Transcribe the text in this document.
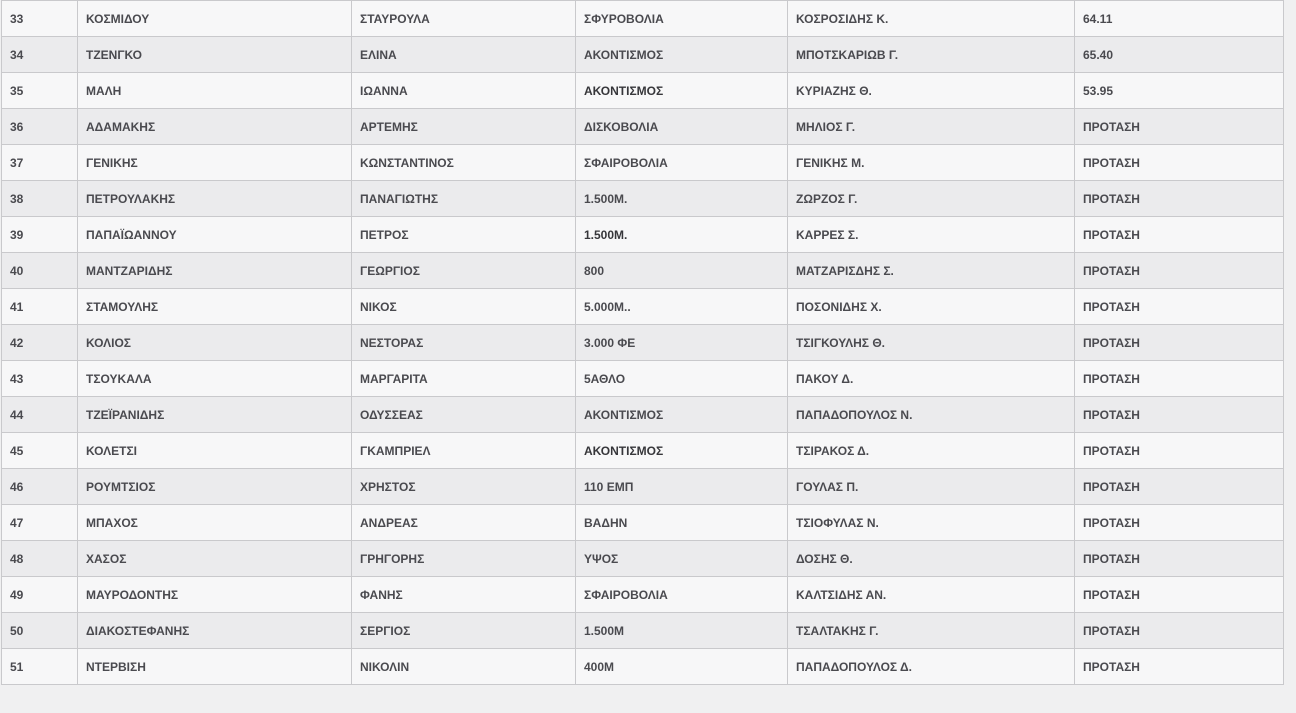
33	ΚΟΣΜΙΔΟΥ	ΣΤΑΥΡΟΥΛΑ	ΣΦΥΡΟΒΟΛΙΑ	ΚΟΣΡΟΣΙΔΗΣ Κ.	64.11
34	ΤΖΕΝΓΚΟ	ΕΛΙΝΑ	ΑΚΟΝΤΙΣΜΟΣ	ΜΠΟΤΣΚΑΡΙΩΒ Γ.	65.40
35	ΜΑΛΗ	ΙΩΑΝΝΑ	ΑΚΟΝΤΙΣΜΟΣ	ΚΥΡΙΑΖΗΣ Θ.	53.95
36	ΑΔΑΜΑΚΗΣ	ΑΡΤΕΜΗΣ	ΔΙΣΚΟΒΟΛΙΑ	ΜΗΛΙΟΣ Γ.	ΠΡΟΤΑΣΗ
37	ΓΕΝΙΚΗΣ	ΚΩΝΣΤΑΝΤΙΝΟΣ	ΣΦΑΙΡΟΒΟΛΙΑ	ΓΕΝΙΚΗΣ Μ.	ΠΡΟΤΑΣΗ
38	ΠΕΤΡΟΥΛΑΚΗΣ	ΠΑΝΑΓΙΩΤΗΣ	1.500Μ.	ΖΩΡΖΟΣ Γ.	ΠΡΟΤΑΣΗ
39	ΠΑΠΑΪΩΑΝΝΟΥ	ΠΕΤΡΟΣ	1.500Μ.	ΚΑΡΡΕΣ Σ.	ΠΡΟΤΑΣΗ
40	ΜΑΝΤΖΑΡΙΔΗΣ	ΓΕΩΡΓΙΟΣ	800	ΜΑΤΖΑΡΙΣΔΗΣ Σ.	ΠΡΟΤΑΣΗ
41	ΣΤΑΜΟΥΛΗΣ	ΝΙΚΟΣ	5.000Μ..	ΠΟΣΟΝΙΔΗΣ Χ.	ΠΡΟΤΑΣΗ
42	ΚΟΛΙΟΣ	ΝΕΣΤΟΡΑΣ	3.000 ΦΕ	ΤΣΙΓΚΟΥΛΗΣ Θ.	ΠΡΟΤΑΣΗ
43	ΤΣΟΥΚΑΛΑ	ΜΑΡΓΑΡΙΤΑ	5ΑΘΛΟ	ΠΑΚΟΥ Δ.	ΠΡΟΤΑΣΗ
44	ΤΖΕΪΡΑΝΙΔΗΣ	ΟΔΥΣΣΕΑΣ	ΑΚΟΝΤΙΣΜΟΣ	ΠΑΠΑΔΟΠΟΥΛΟΣ Ν.	ΠΡΟΤΑΣΗ
45	ΚΟΛΕΤΣΙ	ΓΚΑΜΠΡΙΕΛ	ΑΚΟΝΤΙΣΜΟΣ	ΤΣΙΡΑΚΟΣ Δ.	ΠΡΟΤΑΣΗ
46	ΡΟΥΜΤΣΙΟΣ	ΧΡΗΣΤΟΣ	110 ΕΜΠ	ΓΟΥΛΑΣ Π.	ΠΡΟΤΑΣΗ
47	ΜΠΑΧΟΣ	ΑΝΔΡΕΑΣ	ΒΑΔΗΝ	ΤΣΙΟΦΥΛΑΣ Ν.	ΠΡΟΤΑΣΗ
48	ΧΑΣΟΣ	ΓΡΗΓΟΡΗΣ	ΥΨΟΣ	ΔΟΣΗΣ Θ.	ΠΡΟΤΑΣΗ
49	ΜΑΥΡΟΔΟΝΤΗΣ	ΦΑΝΗΣ	ΣΦΑΙΡΟΒΟΛΙΑ	ΚΑΛΤΣΙΔΗΣ ΑΝ.	ΠΡΟΤΑΣΗ
50	ΔΙΑΚΟΣΤΕΦΑΝΗΣ	ΣΕΡΓΙΟΣ	1.500Μ	ΤΣΑΛΤΑΚΗΣ Γ.	ΠΡΟΤΑΣΗ
51	ΝΤΕΡΒΙΣΗ	ΝΙΚΟΛΙΝ	400Μ	ΠΑΠΑΔΟΠΟΥΛΟΣ Δ.	ΠΡΟΤΑΣΗ
